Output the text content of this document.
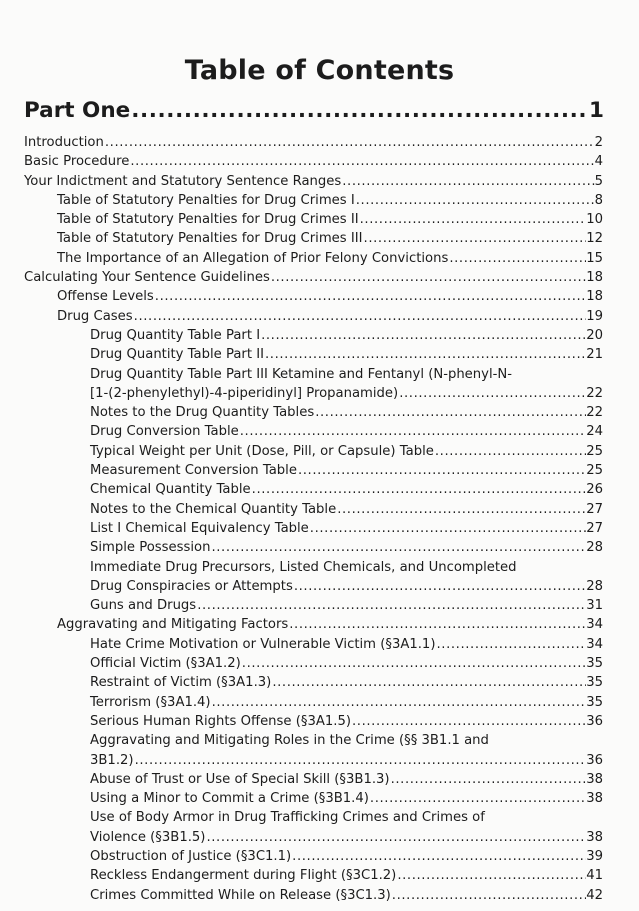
Table of Contents
Part One .....	1
Introduction .....	2
Basic Procedure .....	4
Your Indictment and Statutory Sentence Ranges .....	5
Table of Statutory Penalties for Drug Crimes I .....	8
Table of Statutory Penalties for Drug Crimes II .....	10
Table of Statutory Penalties for Drug Crimes III .....	12
The Importance of an Allegation of Prior Felony Convictions .....	15
Calculating Your Sentence Guidelines .....	18
Offense Levels .....	18
Drug Cases .....	19
Drug Quantity Table Part I .....	20
Drug Quantity Table Part II .....	21
Drug Quantity Table Part III Ketamine and Fentanyl (N-phenyl-N-
[1-(2-phenylethyl)-4-piperidinyl] Propanamide) .....	22
Notes to the Drug Quantity Tables .....	22
Drug Conversion Table .....	24
Typical Weight per Unit (Dose, Pill, or Capsule) Table .....	25
Measurement Conversion Table .....	25
Chemical Quantity Table .....	26
Notes to the Chemical Quantity Table .....	27
List I Chemical Equivalency Table .....	27
Simple Possession .....	28
Immediate Drug Precursors, Listed Chemicals, and Uncompleted
Drug Conspiracies or Attempts .....	28
Guns and Drugs .....	31
Aggravating and Mitigating Factors .....	34
Hate Crime Motivation or Vulnerable Victim (§3A1.1) .....	34
Official Victim (§3A1.2) .....	35
Restraint of Victim (§3A1.3) .....	35
Terrorism (§3A1.4) .....	35
Serious Human Rights Offense (§3A1.5) .....	36
Aggravating and Mitigating Roles in the Crime (§§ 3B1.1 and
3B1.2) .....	36
Abuse of Trust or Use of Special Skill (§3B1.3) .....	38
Using a Minor to Commit a Crime (§3B1.4) .....	38
Use of Body Armor in Drug Trafficking Crimes and Crimes of
Violence (§3B1.5) .....	38
Obstruction of Justice (§3C1.1) .....	39
Reckless Endangerment during Flight (§3C1.2) .....	41
Crimes Committed While on Release (§3C1.3) .....	42
